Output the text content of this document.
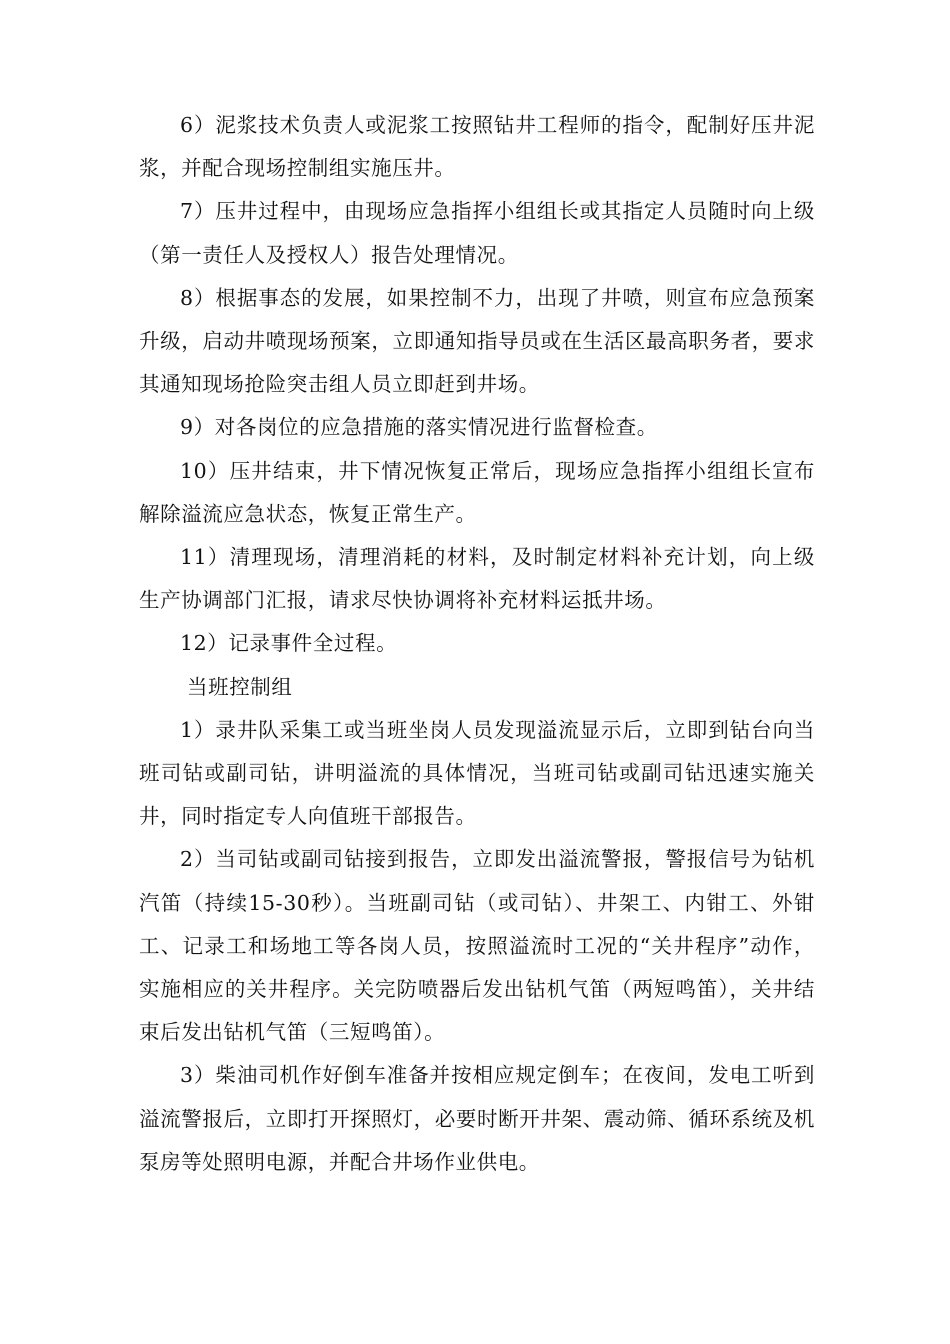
6）泥浆技术负责人或泥浆工按照钻井工程师的指令，配制好压井泥浆，并配合现场控制组实施压井。

7）压井过程中，由现场应急指挥小组组长或其指定人员随时向上级（第一责任人及授权人）报告处理情况。

8）根据事态的发展，如果控制不力，出现了井喷，则宣布应急预案升级，启动井喷现场预案，立即通知指导员或在生活区最高职务者，要求其通知现场抢险突击组人员立即赶到井场。

9）对各岗位的应急措施的落实情况进行监督检查。

10）压井结束，井下情况恢复正常后，现场应急指挥小组组长宣布解除溢流应急状态，恢复正常生产。

11）清理现场，清理消耗的材料，及时制定材料补充计划，向上级生产协调部门汇报，请求尽快协调将补充材料运抵井场。

12）记录事件全过程。

当班控制组

1）录井队采集工或当班坐岗人员发现溢流显示后，立即到钻台向当班司钻或副司钻，讲明溢流的具体情况，当班司钻或副司钻迅速实施关井，同时指定专人向值班干部报告。

2）当司钻或副司钻接到报告，立即发出溢流警报，警报信号为钻机汽笛（持续15-30秒）。当班副司钻（或司钻）、井架工、内钳工、外钳工、记录工和场地工等各岗人员，按照溢流时工况的“关井程序”动作，实施相应的关井程序。关完防喷器后发出钻机气笛（两短鸣笛），关井结束后发出钻机气笛（三短鸣笛）。

3）柴油司机作好倒车准备并按相应规定倒车；在夜间，发电工听到溢流警报后，立即打开探照灯，必要时断开井架、震动筛、循环系统及机泵房等处照明电源，并配合井场作业供电。
